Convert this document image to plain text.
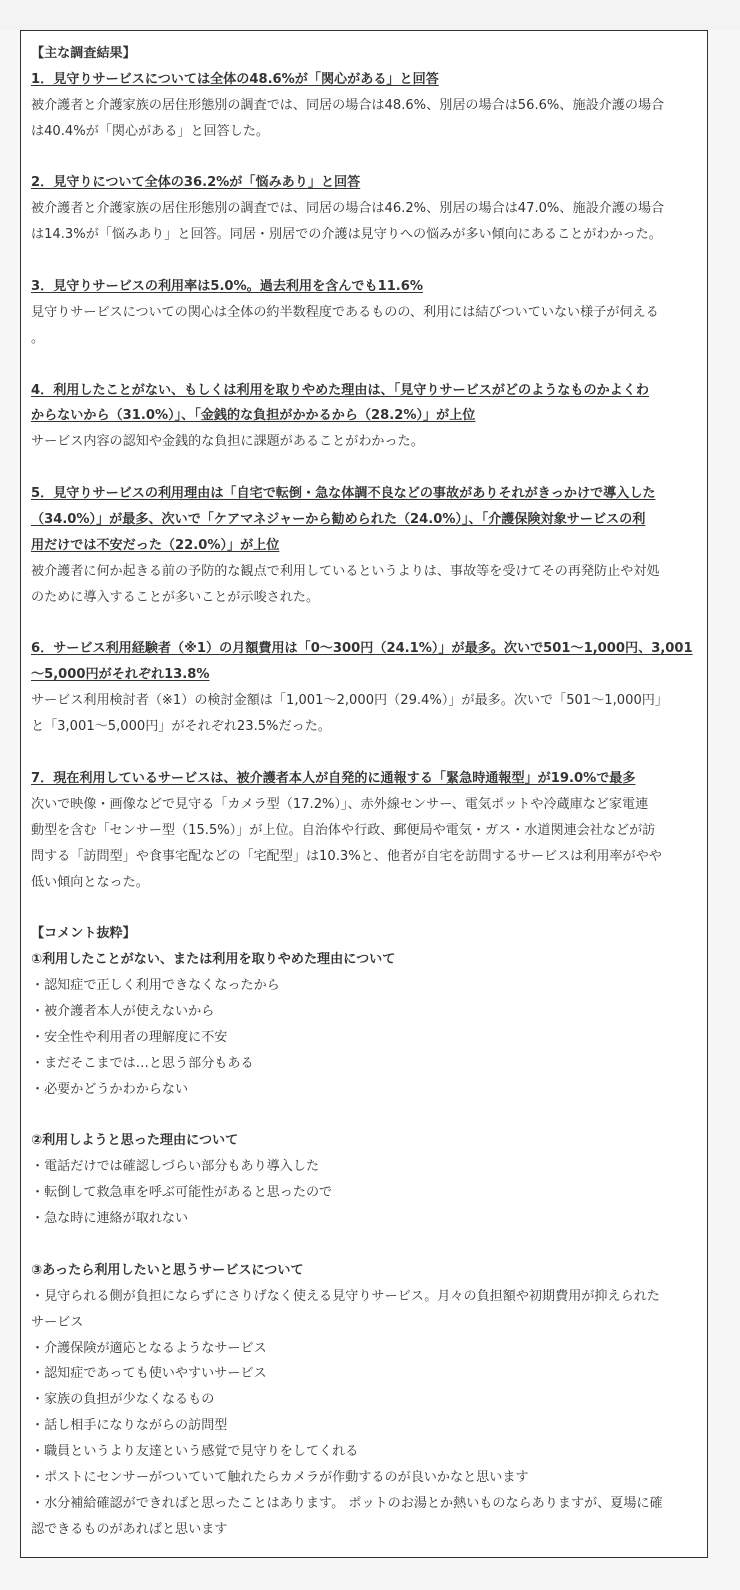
【主な調査結果】
1．見守りサービスについては全体の48.6%が「関心がある」と回答
被介護者と介護家族の居住形態別の調査では、同居の場合は48.6%、別居の場合は56.6%、施設介護の場合
は40.4%が「関心がある」と回答した。
2．見守りについて全体の36.2%が「悩みあり」と回答
被介護者と介護家族の居住形態別の調査では、同居の場合は46.2%、別居の場合は47.0%、施設介護の場合
は14.3%が「悩みあり」と回答。同居・別居での介護は見守りへの悩みが多い傾向にあることがわかった。
3．見守りサービスの利用率は5.0%。過去利用を含んでも11.6%
見守りサービスについての関心は全体の約半数程度であるものの、利用には結びついていない様子が伺える
。
4．利用したことがない、もしくは利用を取りやめた理由は、「見守りサービスがどのようなものかよくわ
からないから（31.0%）」、「金銭的な負担がかかるから（28.2%）」が上位
サービス内容の認知や金銭的な負担に課題があることがわかった。
5．見守りサービスの利用理由は「自宅で転倒・急な体調不良などの事故がありそれがきっかけで導入した
（34.0%）」が最多、次いで「ケアマネジャーから勧められた（24.0%）」、「介護保険対象サービスの利
用だけでは不安だった（22.0%）」が上位
被介護者に何か起きる前の予防的な観点で利用しているというよりは、事故等を受けてその再発防止や対処
のために導入することが多いことが示唆された。
6．サービス利用経験者（※1）の月額費用は「0～300円（24.1%）」が最多。次いで501～1,000円、3,001
～5,000円がそれぞれ13.8%
サービス利用検討者（※1）の検討金額は「1,001～2,000円（29.4%）」が最多。次いで「501～1,000円」
と「3,001～5,000円」がそれぞれ23.5%だった。
7．現在利用しているサービスは、被介護者本人が自発的に通報する「緊急時通報型」が19.0%で最多
次いで映像・画像などで見守る「カメラ型（17.2%）」、赤外線センサー、電気ポットや冷蔵庫など家電連
動型を含む「センサー型（15.5%）」が上位。自治体や行政、郵便局や電気・ガス・水道関連会社などが訪
問する「訪問型」や食事宅配などの「宅配型」は10.3%と、他者が自宅を訪問するサービスは利用率がやや
低い傾向となった。
【コメント抜粋】
①利用したことがない、または利用を取りやめた理由について
・認知症で正しく利用できなくなったから
・被介護者本人が使えないから
・安全性や利用者の理解度に不安
・まだそこまでは…と思う部分もある
・必要かどうかわからない
②利用しようと思った理由について
・電話だけでは確認しづらい部分もあり導入した
・転倒して救急車を呼ぶ可能性があると思ったので
・急な時に連絡が取れない
③あったら利用したいと思うサービスについて
・見守られる側が負担にならずにさりげなく使える見守りサービス。月々の負担額や初期費用が抑えられた
サービス
・介護保険が適応となるようなサービス
・認知症であっても使いやすいサービス
・家族の負担が少なくなるもの
・話し相手になりながらの訪問型
・職員というより友達という感覚で見守りをしてくれる
・ポストにセンサーがついていて触れたらカメラが作動するのが良いかなと思います
・水分補給確認ができればと思ったことはあります。 ポットのお湯とか熱いものならありますが、夏場に確
認できるものがあればと思います
